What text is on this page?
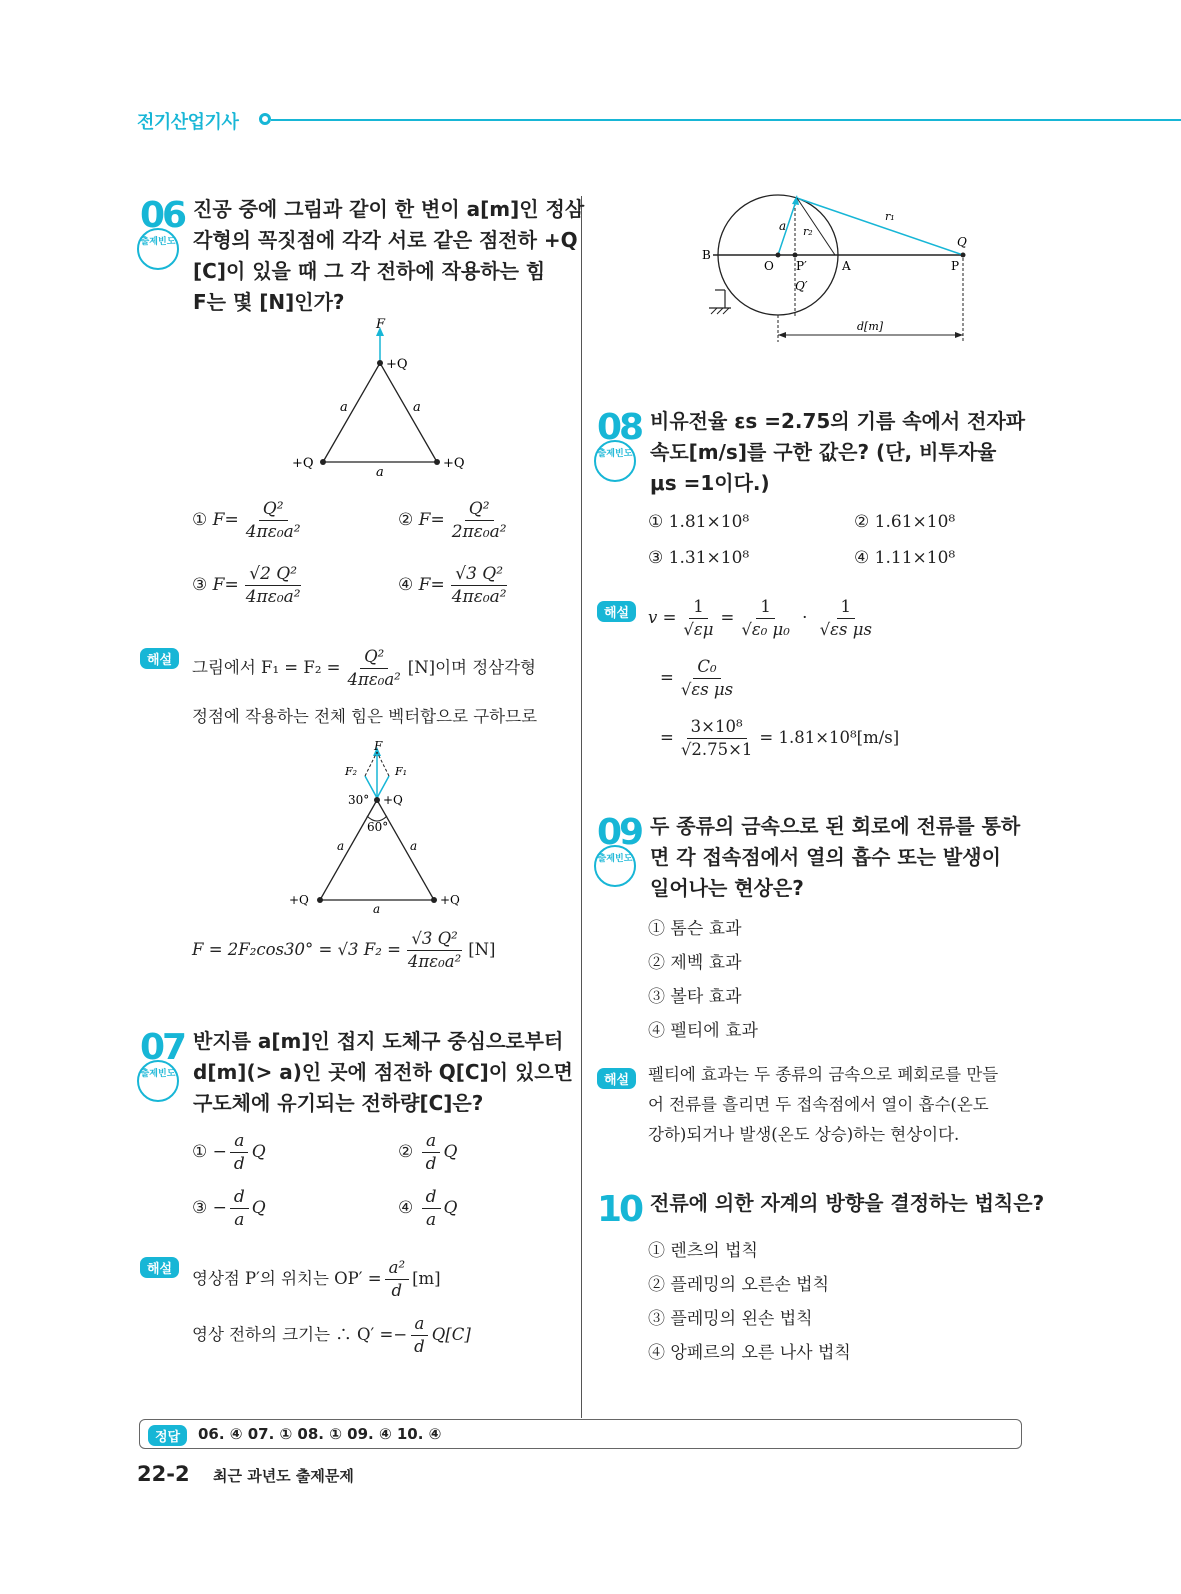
전기산업기사
06
출제빈도
진공 중에 그림과 같이 한 변이 a[m]인 정삼
각형의 꼭짓점에 각각 서로 같은 점전하 +Q
[C]이 있을 때 그 각 전하에 작용하는 힘
F는 몇 [N]인가?
F
+Q
+Q	+Q
a	a
a
① $F= \frac{\text{Q²}}{\text{4πε₀a²}}$	② $F= \frac{\text{Q²}}{\text{2πε₀a²}}$
③ $F= \frac{\text{√2 Q²}}{\text{4πε₀a²}}$	④ $F= \frac{\text{√3 Q²}}{\text{4πε₀a²}}$
해설	그림에서 $F_1 = F_2 = \frac{\text{Q²}}{\text{4πε₀a²}} [N]$이며 정삼각형
정점에 작용하는 전체 힘은 벡터합으로 구하므로
F
F₂	F₁
30° +Q
60°
+Q	+Q
a	a
a
F = 2F₂cos30° = √3 $F_2 = \frac{\text{√3 Q²}}{\text{4πε₀a²}} [N]$
07
출제빈도
반지름 a[m]인 접지 도체구 중심으로부터
d[m](> a)인 곳에 점전하 Q[C]이 있으면
구도체에 유기되는 전하량[C]은?
① − $\frac{a}{d}$ Q	② $\frac{a}{d}$ Q
③ − $\frac{d}{a}$ Q	④ $\frac{d}{a}$ Q
해설	영상점 P′의 위치는 $OP' = \frac{\text{a²}}{d} [m]$
영상 전하의 크기는 ∴ $Q' =- \frac{a}{d} Q[C]$
a r₂
r₁
Q
B
O P′	A	P
Q′
d[m]
08
출제빈도
비유전율 εs =2.75의 기름 속에서 전자파
속도[m/s]를 구한 값은? (단, 비투자율
μs =1이다.)
① 1.81×10⁸	② 1.61×10⁸
③ 1.31×10⁸	④ 1.11×10⁸
해설	$v = \frac{1}{√\varepsilon\mu} = \frac{1}{\text{√ε₀ μ₀}} \cdot \frac{1}{\text{√εs μs}}$
= $\frac{\text{C₀}}{\text{√εs μs}}$
= $\frac{\text{3×10⁸}}{√2.75\times 1} = 1.81\times 10^8[m/s]$
09
출제빈도
두 종류의 금속으로 된 회로에 전류를 통하
면 각 접속점에서 열의 흡수 또는 발생이
일어나는 현상은?
① 톰슨 효과
② 제벡 효과
③ 볼타 효과
④ 펠티에 효과
해설	펠티에 효과는 두 종류의 금속으로 폐회로를 만들
어 전류를 흘리면 두 접속점에서 열이 흡수(온도
강하)되거나 발생(온도 상승)하는 현상이다.
10 전류에 의한 자계의 방향을 결정하는 법칙은?
① 렌츠의 법칙
② 플레밍의 오른손 법칙
③ 플레밍의 왼손 법칙
④ 앙페르의 오른 나사 법칙
정답	06. ④ 07. ① 08. ① 09. ④ 10. ④
22-2 최근 과년도 출제문제
